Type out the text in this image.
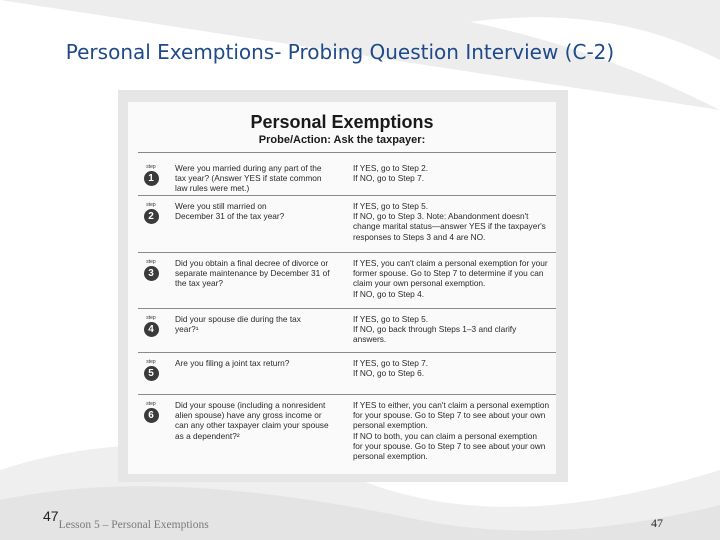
Personal Exemptions- Probing Question Interview (C-2)
Personal Exemptions
Probe/Action: Ask the taxpayer:
step
1
Were you married during any part of the
tax year? (Answer YES if state common
law rules were met.)
If YES, go to Step 2.
If NO, go to Step 7.
step
2
Were you still married on
December 31 of the tax year?
If YES, go to Step 5.
If NO, go to Step 3. Note: Abandonment doesn't
change marital status—answer YES if the taxpayer's
responses to Steps 3 and 4 are NO.
step
3
Did you obtain a final decree of divorce or
separate maintenance by December 31 of
the tax year?
If YES, you can't claim a personal exemption for your
former spouse. Go to Step 7 to determine if you can
claim your own personal exemption.
If NO, go to Step 4.
step
4
Did your spouse die during the tax
year?¹
If YES, go to Step 5.
If NO, go back through Steps 1–3 and clarify
answers.
step
5
Are you filing a joint tax return?	If YES, go to Step 7.
If NO, go to Step 6.
step
6
Did your spouse (including a nonresident
alien spouse) have any gross income or
can any other taxpayer claim your spouse
as a dependent?²
If YES to either, you can't claim a personal exemption
for your spouse. Go to Step 7 to see about your own
personal exemption.
If NO to both, you can claim a personal exemption
for your spouse. Go to Step 7 to see about your own
personal exemption.
$47_{Lesson 5 - Personal Exemptions}$	47
